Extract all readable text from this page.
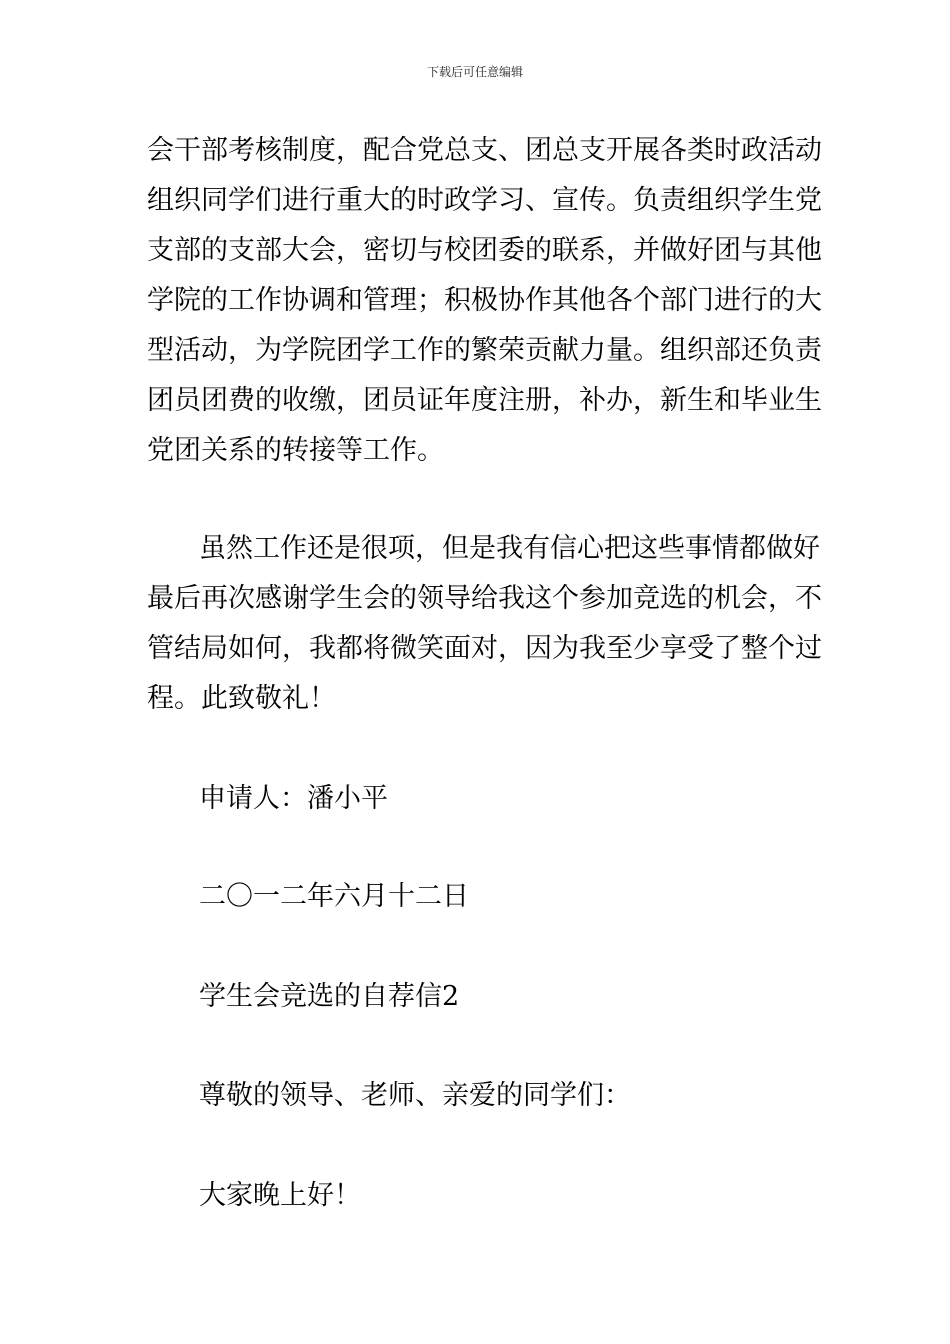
下载后可任意编辑
会干部考核制度，配合党总支、团总支开展各类时政活动
组织同学们进行重大的时政学习、宣传。负责组织学生党
支部的支部大会，密切与校团委的联系，并做好团与其他
学院的工作协调和管理；积极协作其他各个部门进行的大
型活动，为学院团学工作的繁荣贡献力量。组织部还负责
团员团费的收缴，团员证年度注册，补办，新生和毕业生
党团关系的转接等工作。
虽然工作还是很项，但是我有信心把这些事情都做好
最后再次感谢学生会的领导给我这个参加竞选的机会，不
管结局如何，我都将微笑面对，因为我至少享受了整个过
程。此致敬礼！
申请人：潘小平
二〇一二年六月十二日
学生会竞选的自荐信2
尊敬的领导、老师、亲爱的同学们：
大家晚上好！
